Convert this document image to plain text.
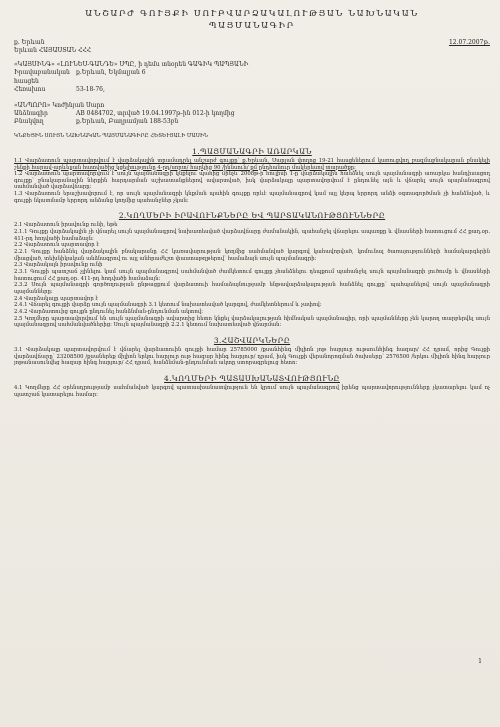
ԱՆՇԱՐԺ ԳՈՒՅՔԻ ՍՈՒԲՎԱՐՁԱԿԱԼՈՒԹՅԱՆ ՆԱԽՆԱԿԱՆ
ՊԱՅՄԱՆԱԳԻՐ
ք. Երևան
Երևան ՀԱՅԱՍՏԱՆ ՀՀՀ
12.07.2007թ.
«ԿԱՅՍԻՆԳ» «ԼՈՒՆԵՍ-ԳԱՆԴԵ» ՍՊԸ, ի դեմս տնօրեն ԳԱԳԻԿ ՊԱՊՅԱՆԻ
Իրավաբանական հասցեն
ք.Երևան, Եկմալյան 6
Հեռախոս	53-18-76,
«ԱՆՊՈՐՈ» Կոժինյան Սարո
Անձնագիր	AB 0484702, տրված 19.04.1997թ-ին 012-ի կողմից
Բնակվող	ք.Երևան, Բաղրամյան 188-53բն
ԿՆՔԵՑԻՆ ՍՈՒՅՆ ՆԱԽՆԱԿԱՆ ՊԱՅՄԱՆԱԳԻՐԸ ՀԵՏԵՒՅԱԼԻ ՄԱՍԻՆ
1.ՊԱՅՄԱՆԱԳՐԻ ԱՌԱՐԿԱՆ

1.1 Վարձատուն պարտավորվում է վարձակալին տրամադրել անշարժ գույքը՝ ք.Երևան, Սարյան փողոց 19-21 հասցեներում կառուցվող բազմաբնակարան բնակելի շենքի հարավ-արևելյան հատվածից կցելիությունը 4-րդ/սորտ/ հարկից 90 /իննսուն/ քմ ընդհանուր մակերեսով տարածքը:

1.2 Վարձատուն պարտավորվում է սույն պայմանագրի կնքելու պահից մինչև 2008թ-ի հուլիսի 1-ը վարձակալին հանձնել սույն պայմանագրի առարկա հանդիսացող գույքը՝ բնակարանային ներքին հարդարման աշխատանքներով ավարտված, իսկ վարձակալը պարտավորվում է ընդունել այն և վճարել սույն պայմանագրով սահմանված վարձավճարը:

1.3 Վարձատուն երաշխավորում է, որ սույն պայմանագրի կնքման պահին գույքը որևէ պայմանագրով կամ այլ կերպ երրորդ անձի օգտագործման չի հանձնված, և գույքի նկատմամբ երրորդ անձանց կողմից պահանջներ չկան:

2.ԿՈՂՄԵՐԻ ԻՐԱՎՈՒՆՔՆԵՐԸ ԵՎ ՊԱՐՏԱԿԱՆՈՒԹՅՈՒՆՆԵՐԸ

2.1 Վարձատուն իրավունք ունի, եթե

2.1.1 Գույքը վարձակալին չի վճարել սույն պայմանագրով նախատեսված վարձավճարը ժամանակին, պահանջել վճարելու ապառքը և վնասների հատուցում ՀՀ քաղ.օր. 411-րդ հոդվածի համաձայն:

2.2 Վարձատուն պարտավոր է

2.2.1 Գույքը հանձնել վարձակալին բնակարանը ՀՀ կառավարության կողմից սահմանված կարգով կահավորված, կոմունալ ծառայությունների համակարգերին միացված, տեխնիկական անձնագրով ու այլ անհրաժեշտ փաստաթղթերով՝ համաձայն սույն պայմանագրի:

2.3 Վարձակալն իրավունք ունի

2.3.1 Գույքի պատշաճ չլինելու կամ սույն պայմանագրով սահմանված ժամկետում գույքը չհանձնելու դեպքում պահանջել սույն պայմանագրի լուծումը և վնասների հատուցում ՀՀ քաղ.օր. 411-րդ հոդվածի համաձայն:

2.3.2 Սույն պայմանագրի գործողության ընթացքում վարձատուի համաձայնությամբ ենթավարձակալության հանձնել գույքը՝ պահպանելով սույն պայմանագրի պայմանները:

2.4 Վարձակալը պարտավոր է

2.4.1 Վճարել գույքի վարձը սույն պայմանագրի 3.1 կետում նախատեսված կարգով, ժամկետներում և չափով:

2.4.2 Վարձատուից գույքն ընդունել հանձնման-ընդունման ակտով:

2.5 Կողմերը պարտավորվում են սույն պայմանագրի ավարտից հետո կնքել վարձակալության հիմնական պայմանագիր, որի պայմանները չեն կարող տարբերվել սույն պայմանագրով սահմանվածներից: Սույն պայմանագրի 2.2.1 կետում նախատեսված վճարման:

3.ՀԱՇՎԱՐԿՆԵՐԸ

3.1 Վարձակալը պարտավորվում է վճարել վարձատուին գույքի համար 25785000 /քսանհինգ միլիոն յոթ հարյուր ութսունհինգ հազար/ ՀՀ դրամ, որից Գույքի վարձավճարը՝ 23208500 /քսաներեք միլիոն երկու հարյուր ութ հազար հինգ հարյուր/ դրամ, իսկ Գույքի վերանորոգման ծախսերը՝ 2576500 /երկու միլիոն հինգ հարյուր յոթանասունվեց հազար հինգ հարյուր/ ՀՀ դրամ, հանձնման-ընդունման ակտը ստորագրելուց հետո:

4.ԿՈՂՄԵՐԻ ՊԱՏԱՍԽԱՆԱՏՎՈՒԹՅՈՒՆԸ

4.1 Կողմերը ՀՀ օրենսդրությամբ սահմանված կարգով պատասխանատվություն են կրում սույն պայմանագրով իրենց պարտավորությունները չկատարելու կամ ոչ պատշաճ կատարելու համար:

1
